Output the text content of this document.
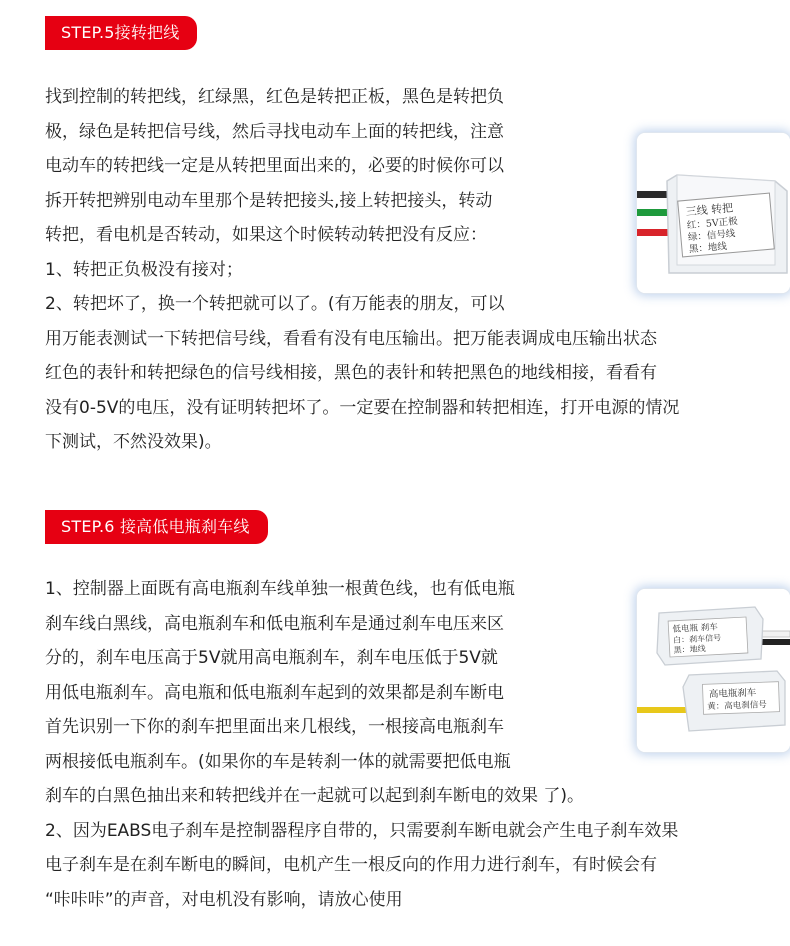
STEP.5接转把线

找到控制的转把线，红绿黑，红色是转把正板，黑色是转把负
极，绿色是转把信号线，然后寻找电动车上面的转把线，注意
电动车的转把线一定是从转把里面出来的，必要的时候你可以
拆开转把辨别电动车里那个是转把接头,接上转把接头，转动
转把，看电机是否转动，如果这个时候转动转把没有反应：
1、转把正负极没有接对；
2、转把坏了，换一个转把就可以了。(有万能表的朋友，可以
用万能表测试一下转把信号线，看看有没有电压输出。把万能表调成电压输出状态
红色的表针和转把绿色的信号线相接，黑色的表针和转把黑色的地线相接，看看有
没有0-5V的电压，没有证明转把坏了。一定要在控制器和转把相连，打开电源的情况
下测试，不然没效果)。

三线 转把
红：5V正极
绿：信号线
黑：地线
STEP.6 接高低电瓶刹车线

1、控制器上面既有高电瓶刹车线单独一根黄色线，也有低电瓶
刹车线白黑线，高电瓶刹车和低电瓶利车是通过刹车电压来区
分的，刹车电压高于5V就用高电瓶刹车，刹车电压低于5V就
用低电瓶刹车。高电瓶和低电瓶刹车起到的效果都是刹车断电
首先识别一下你的刹车把里面出来几根线，一根接高电瓶刹车
两根接低电瓶刹车。(如果你的车是转刹一体的就需要把低电瓶
刹车的白黑色抽出来和转把线并在一起就可以起到刹车断电的效果 了)。
2、因为EABS电子刹车是控制器程序自带的，只需要刹车断电就会产生电子刹车效果
电子刹车是在刹车断电的瞬间，电机产生一根反向的作用力进行刹车，有时候会有
“咔咔咔”的声音，对电机没有影响，请放心使用

低电瓶 刹车
白：刹车信号
黑：地线
高电瓶刹车
黄：高电刹信号
